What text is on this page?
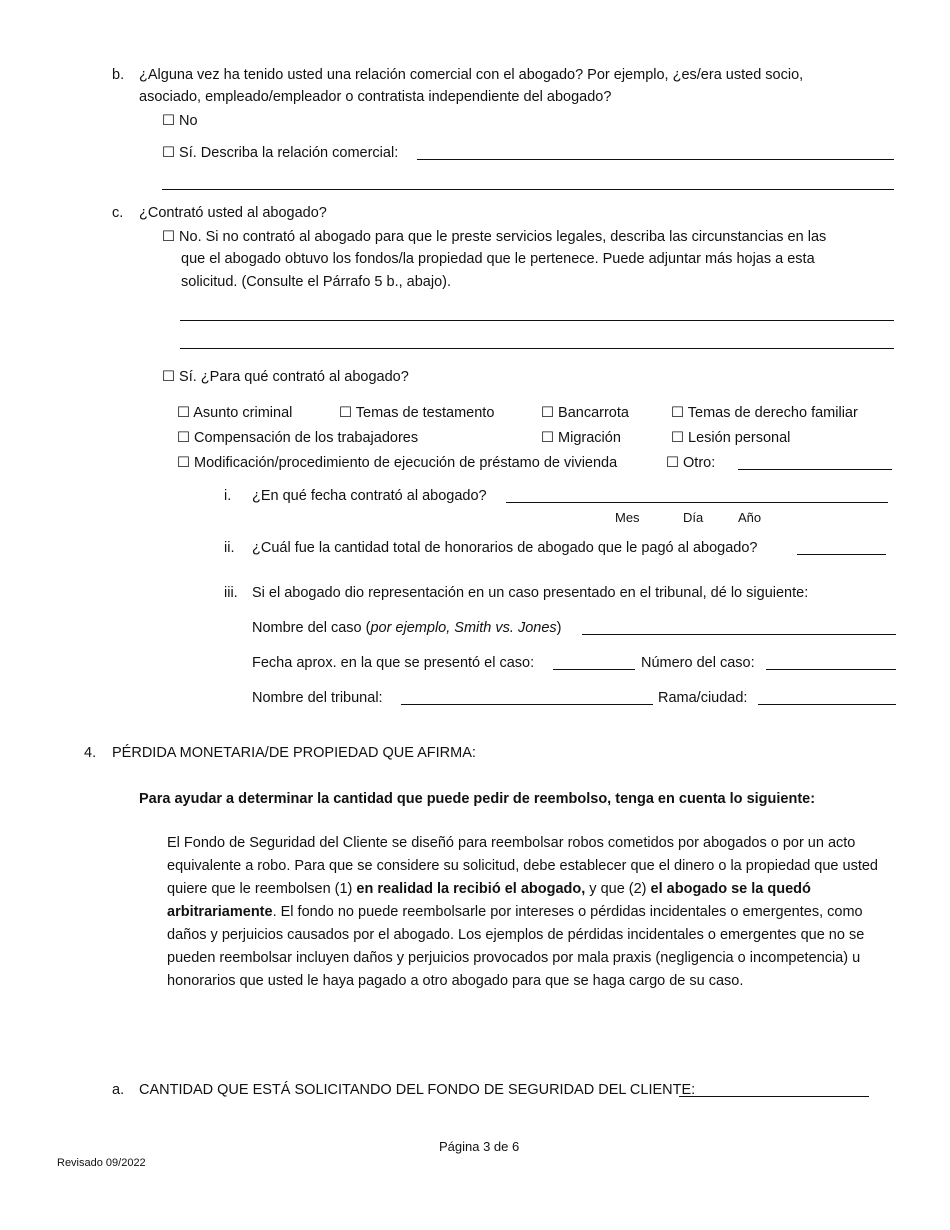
b. ¿Alguna vez ha tenido usted una relación comercial con el abogado? Por ejemplo, ¿es/era usted socio,
asociado, empleado/empleador o contratista independiente del abogado?
☐ No
☐ Sí. Describa la relación comercial:
c. ¿Contrató usted al abogado?
☐ No. Si no contrató al abogado para que le preste servicios legales, describa las circunstancias en las
que el abogado obtuvo los fondos/la propiedad que le pertenece. Puede adjuntar más hojas a esta
solicitud. (Consulte el Párrafo 5 b., abajo).
☐ Sí. ¿Para qué contrató al abogado?
☐ Asunto criminal	☐ Temas de testamento	☐ Bancarrota	☐ Temas de derecho familiar
☐ Compensación de los trabajadores	☐ Migración	☐ Lesión personal
☐ Modificación/procedimiento de ejecución de préstamo de vivienda	☐ Otro:
i. ¿En qué fecha contrató al abogado?
Mes	Día	Año
ii. ¿Cuál fue la cantidad total de honorarios de abogado que le pagó al abogado?
iii. Si el abogado dio representación en un caso presentado en el tribunal, dé lo siguiente:
Nombre del caso (por ejemplo, Smith vs. Jones)
Fecha aprox. en la que se presentó el caso:	Número del caso:
Nombre del tribunal:	Rama/ciudad:
4. PÉRDIDA MONETARIA/DE PROPIEDAD QUE AFIRMA:
Para ayudar a determinar la cantidad que puede pedir de reembolso, tenga en cuenta lo siguiente:
El Fondo de Seguridad del Cliente se diseñó para reembolsar robos cometidos por abogados o por un acto equivalente a robo. Para que se considere su solicitud, debe establecer que el dinero o la propiedad que usted quiere que le reembolsen (1) en realidad la recibió el abogado, y que (2) el abogado se la quedó arbitrariamente. El fondo no puede reembolsarle por intereses o pérdidas incidentales o emergentes, como daños y perjuicios causados por el abogado. Los ejemplos de pérdidas incidentales o emergentes que no se pueden reembolsar incluyen daños y perjuicios provocados por mala praxis (negligencia o incompetencia) u honorarios que usted le haya pagado a otro abogado para que se haga cargo de su caso.
a. CANTIDAD QUE ESTÁ SOLICITANDO DEL FONDO DE SEGURIDAD DEL CLIENTE:
Página 3 de 6
Revisado 09/2022
